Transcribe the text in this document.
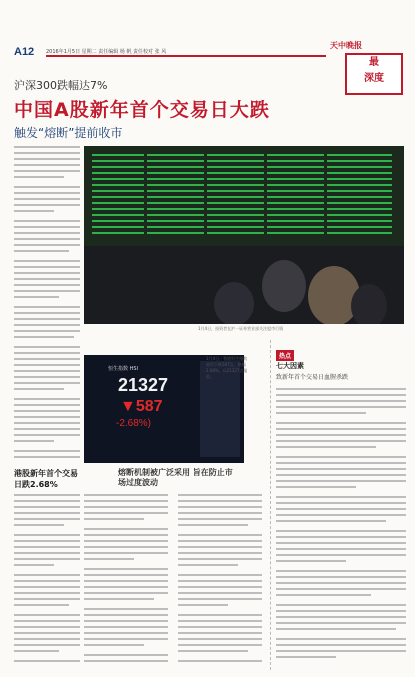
A12 2016年1月5日 星期二 责任编辑 杨 帆 责任校对 张 风
天中晚报
最
深度
沪深300跌幅达7%
中国A股新年首个交易日大跌
触发“熔断”提前收市
1月4日，投资者在沪一证券营业部关注股市行情
恒生指数 HSI
21327
▼587
-2.68%)
1月4日，香港恒生指数收市下跌587点，跌幅2.68%，以21327点报收。
熔断机制被广泛采用 旨在防止市场过度波动
港股新年首个交易日跌2.68%
热点
七大因素
致新年首个交易日血腥杀跌
